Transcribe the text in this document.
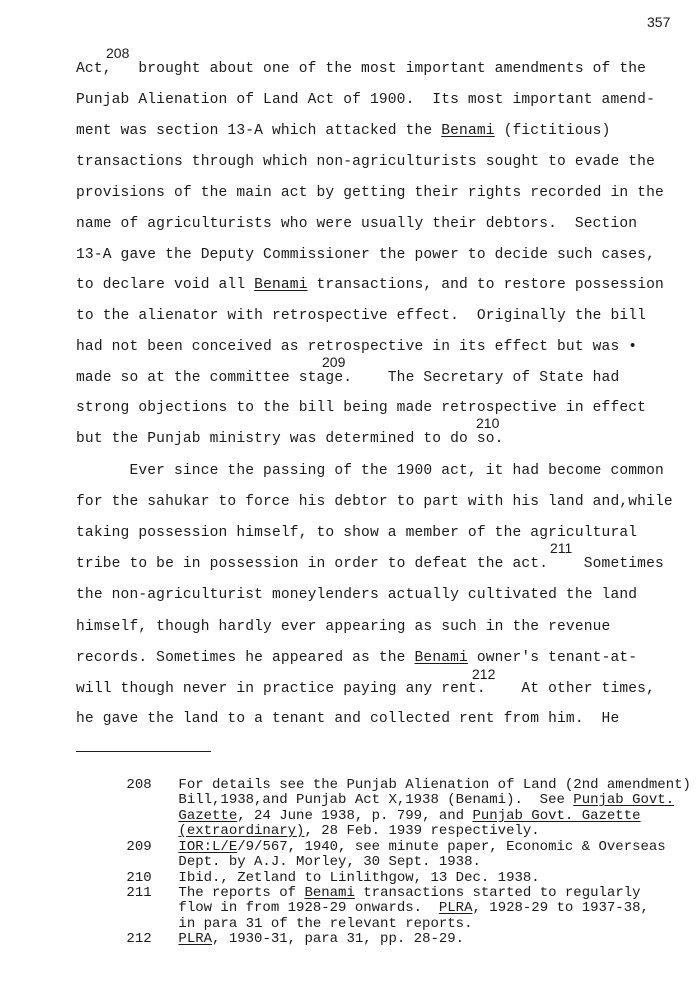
357
208
209
210
211
212
Act,   brought about one of the most important amendments of the
Punjab Alienation of Land Act of 1900.  Its most important amend-
ment was section 13-A which attacked the Benami (fictitious)
transactions through which non-agriculturists sought to evade the
provisions of the main act by getting their rights recorded in the
name of agriculturists who were usually their debtors.  Section
13-A gave the Deputy Commissioner the power to decide such cases,
to declare void all Benami transactions, and to restore possession
to the alienator with retrospective effect.  Originally the bill
had not been conceived as retrospective in its effect but was •
made so at the committee stage.    The Secretary of State had
strong objections to the bill being made retrospective in effect
but the Punjab ministry was determined to do so.
Ever since the passing of the 1900 act, it had become common
for the sahukar to force his debtor to part with his land and,while
taking possession himself, to show a member of the agricultural
tribe to be in possession in order to defeat the act.    Sometimes
the non-agriculturist moneylenders actually cultivated the land
himself, though hardly ever appearing as such in the revenue
records. Sometimes he appeared as the Benami owner's tenant-at-
will though never in practice paying any rent.    At other times,
he gave the land to a tenant and collected rent from him.  He

208 For details see the Punjab Alienation of Land (2nd amendment)
Bill,1938,and Punjab Act X,1938 (Benami).  See Punjab Govt.
Gazette, 24 June 1938, p. 799, and Punjab Govt. Gazette
(extraordinary), 28 Feb. 1939 respectively.

209 IOR:L/E/9/567, 1940, see minute paper, Economic & Overseas
Dept. by A.J. Morley, 30 Sept. 1938.

210 Ibid., Zetland to Linlithgow, 13 Dec. 1938.

211 The reports of Benami transactions started to regularly
flow in from 1928-29 onwards.  PLRA, 1928-29 to 1937-38,
in para 31 of the relevant reports.

212 PLRA, 1930-31, para 31, pp. 28-29.
